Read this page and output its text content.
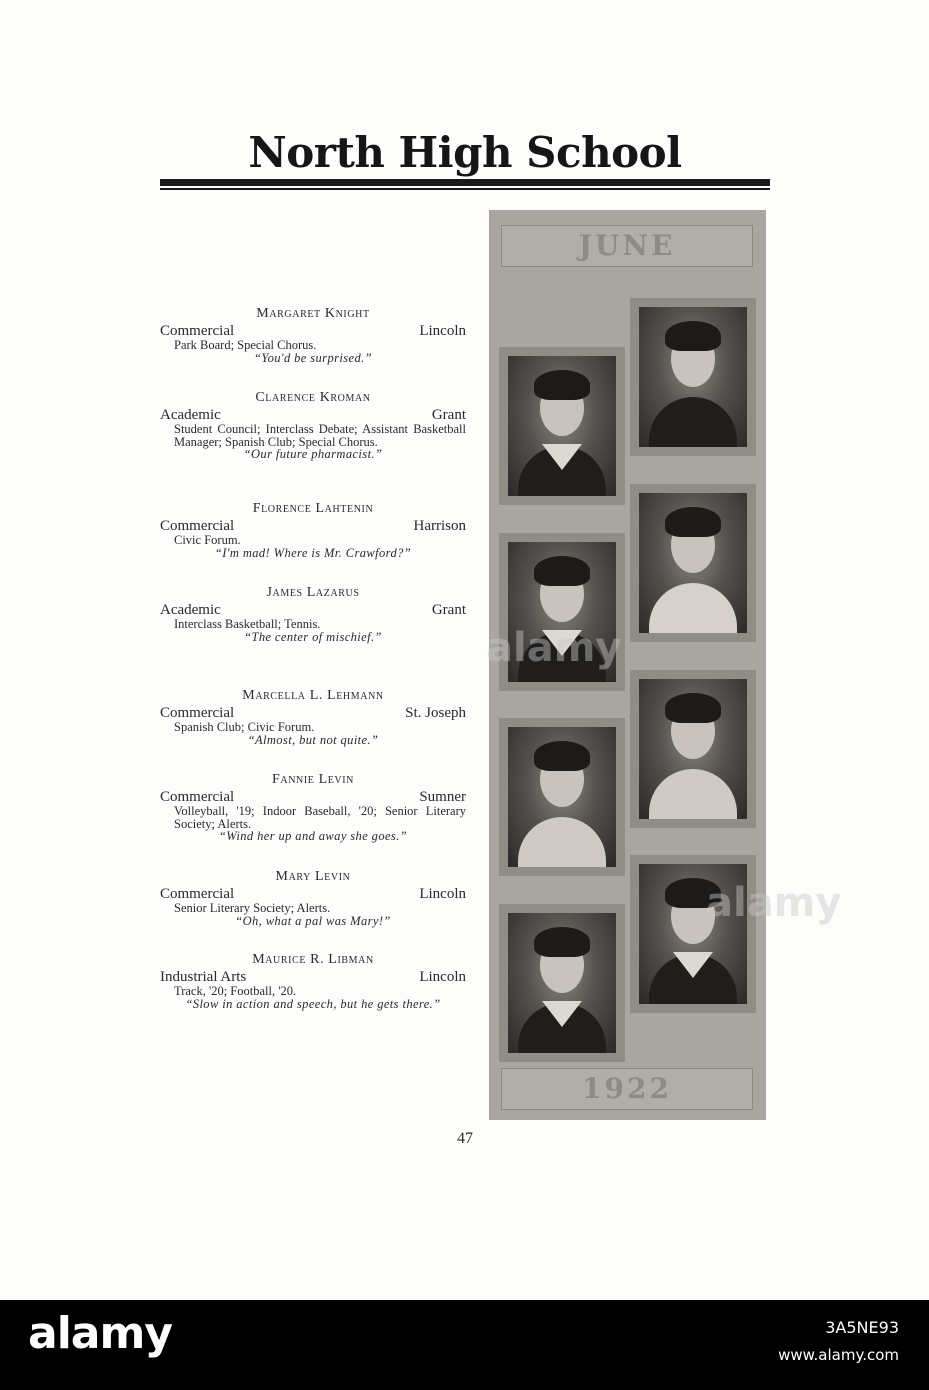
North High School
Margaret Knight
Commercial	Lincoln
Park Board; Special Chorus.
“You'd be surprised.”
Clarence Kroman
Academic	Grant
Student Council; Interclass Debate; Assistant Basketball Manager; Spanish Club; Special Chorus.
“Our future pharmacist.”
Florence Lahtenin
Commercial	Harrison
Civic Forum.
“I'm mad! Where is Mr. Crawford?”
James Lazarus
Academic	Grant
Interclass Basketball; Tennis.
“The center of mischief.”
Marcella L. Lehmann
Commercial	St. Joseph
Spanish Club; Civic Forum.
“Almost, but not quite.”
Fannie Levin
Commercial	Sumner
Volleyball, '19; Indoor Baseball, '20; Senior Literary Society; Alerts.
“Wind her up and away she goes.”
Mary Levin
Commercial	Lincoln
Senior Literary Society; Alerts.
“Oh, what a pal was Mary!”
Maurice R. Libman
Industrial Arts	Lincoln
Track, '20; Football, '20.
“Slow in action and speech, but he gets there.”
JUNE
1922
47
alamy
alamy
alamy	3A5NE93
www.alamy.com
